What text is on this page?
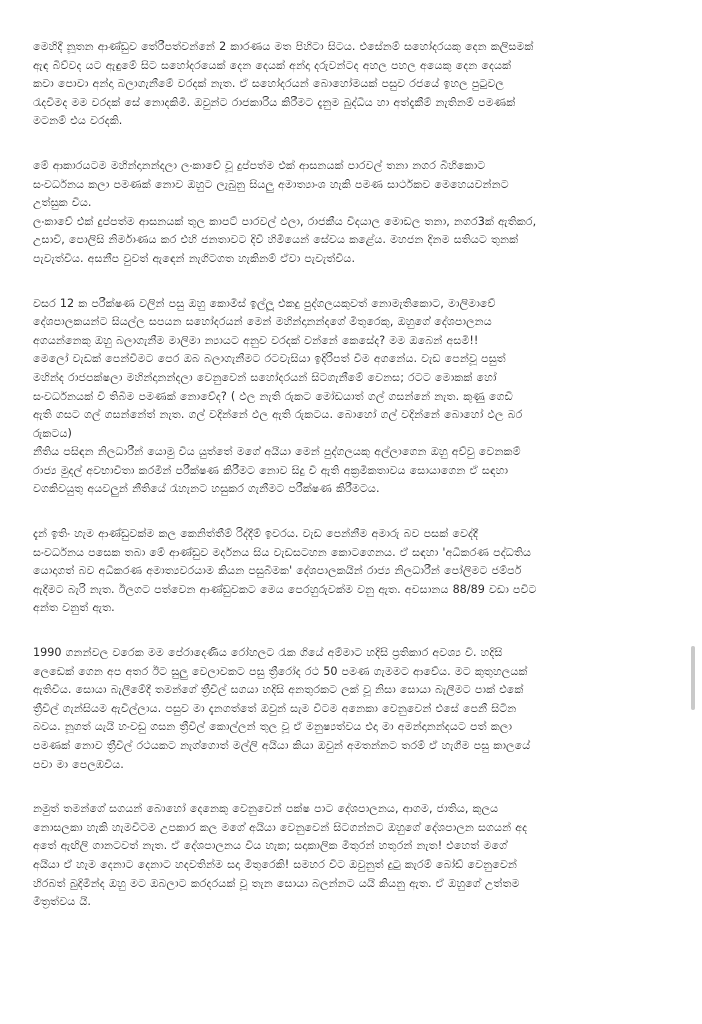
මෙහිදී නූතන ආණ්ඩුව තේරීපත්වන්නේ 2 කාරණය මත පිහිටා සිටය. එසේනම් සහෝදරයකු දෙන කලිසමක්
ඇඳ බිව්වද යට ඇඳුමේ සිට සහෝදරයෙක් දෙන දෙයක් අන්දා දරුවන්ටද අහල පහල අයෙකු දෙන දෙයක්
කවා පොවා අන්දා බලාගැනීමේ වරදක් නැත. ඒ සහෝදරයන් බොහෝමයක් පසුව රජයේ ඉහල පුටුවල
රැදවීමද මම වරදක් සේ නොදකිමි. ඔවුන්ට රාජකාරිය කිරීමට දැනුම බුද්ධිය හා අත්දැකීම් නැතිනම් පමණක්
මටනම් එය වරදකි.

මේ ආකාරයටම මහින්දානන්දලා ලංකාවේ වූ දුප්පත්ම එක් ආසනයක් පාරවල් තනා නගර බිහිකොට
සංවර්ධනය කලා පමණක් නොව ඔහුට ලැබුනු සියලු අමාත්‍යාංශ හැකි පමණ සාර්ථකව මෙහෙයවන්නට
උත්සුක විය.
ලංකාවේ එක් දුප්පත්ම ආසනයක් තුල කාපට් පාරවල් ඵලා, රාජකීය විදයාල මොඩල තනා, නගර3ක් ඇතිකර,
උසාවි, පොලිසි නිර්මාණය කර එහි ජනතාවට දිවි හිමියෙන් සේවය කළේය. මහජන දිනම සතියට තුනක්
පැවැත්විය. අසනීප වුවත් ඇඳෙන් නැගිටගත හැකිනම් ඒවා පැවැත්විය.

වසර 12 ක පරීක්ෂණ වලින් පසු ඔහු කොමිස් ඉල්ලූ එකදු පුද්ගලයකුවත් නොමැතිකොට, මාලිමාවේ
දේශපාලකයන්ට සියල්ල සපයන සහෝදරයන් මෙන් මහින්දානන්දගේ මිතුරෙකු, ඔහුගේ දේශපාලනය
අගයන්නෙකු ඔහු බලාගැනීම මාලිමා න්‍යායට අනුව වරදක් වන්නේ කෙසේද? මම ඔබෙන් අසමි!!
මෙලෝ වැඩක් පෙන්වීමට පෙර ඔබ බලාගැනීමට රටවැසියා ඉදිරිපත් වීම අගනේය. වැඩ පෙන්වූ පසුත්
මහින්ද රාජපක්ෂලා මහින්දානන්දලා වෙනුවෙන් සහෝදරයන් සිටගැනීමේ වෙනස; රටට මොකක් හෝ
සංවර්ධනයක් වී තිබීම පමණක් නොවේද? ( ඵල නැති රුකට මෝඩයාත් ගල් ගසන්නේ නැත. කුණු ගෙඩි
ඇති ගසට ගල් ගසන්නේත් නැත. ගල් වදින්නේ ඵල ඇති රුකටය. බොහෝ ගල් වදින්නේ බොහෝ ඵල බර
රුකටය)
නීතිය පසිඳන නිලධාරීන් යොමු විය යුත්තේ මගේ අයියා මෙන් පුද්ගලයකු අල්ලාගෙන ඔහු අව්වු වෙනකම්
රාජ්‍ය මුදල් අවභාවිතා කරමින් පරීක්ෂණ කිරීමට නොව සිදු වී ඇති අක්‍රමිකතාවය සොයාගෙන ඒ සඳහා
වගකිවයුතු අයවලුන් නීතියේ රැහැනට හසුකර ගැනීමට පරීක්ෂණ කිරීමටය.

දැන් ඉතිං හැම ආණ්ඩුවක්ම කල කෙනිත්තීම් රිද්දීම් ඉවරය. වැඩ පෙන්නීම අමාරු බව පසක් වෙද්දී
සංවර්ධනය පසෙක තබා මේ ආණ්ඩුව මර්දනය සිය වැඩසටහන කොටගෙනය. ඒ සඳහා 'අධිකරණ පද්ධතිය
යොදාගත් බව අධිකරණ අමාත්‍යවරයාම කියන පසුබිමක' දේශපාලකයින් රාජ්‍ය නිලධාරීන් පෝලිමට ජම්පර්
ඇදීමට බැරි නැත. ඊලගට පත්වෙන ආණ්ඩුවකට මෙය පෙරහුරුවක්ම වනු ඇත. අවසානය 88/89 වඩා පවිට
අන්ත වනුත් ඇත.

1990 ගනන්වල වරෙක මම පේරාදෙණිය රෝහලට රැක ගියේ අම්මාට හදිසි ප්‍රතිකාර අවශ්‍ය වී. හදිසි
ලෙඩෙක් ගෙන අප අතර ඊට සුලු වෙලාවකට පසු ත්‍රීරෝද රථ 50 පමණ ගැමමට ආවේය. මට කුතුහලයක්
ඇතිවිය. සොයා බැලීමේදී තමන්ගේ ත්‍රීවිල් සගයා හදිසි අනතුරකට ලක් වූ නිසා සොයා බැලීමට පාක් එකේ
ත්‍රීවිල් ගැන්සියම ඇවිල්ලාය. පසුව මා දැනගත්තේ ඔවුන් සැම විටම අනෙකා වෙනුවෙන් එසේ පෙනී සිටින
බවය. නූගත් යැයි හංවඩු ගසන ත්‍රීවිල් කොල්ලන් තුල වූ ඒ මනුෂ්‍යත්වය එදා මා අමන්දානන්දයට පත් කලා
පමණක් නොව ත්‍රීවිල් රථයකට නැග්ගොත් මල්ලි අයියා කියා ඔවුන් අමතන්නට තරම් ඒ හැගීම පසු කාලයේ
පවා මා පෙලඹවිය.

නමුත් තමන්ගේ සගයන් බොහෝ දෙනෙකු වෙනුවෙන් පක්ෂ පාට දේශපාලනය, ආගම, ජාතිය, කුලය
නොසලකා හැකි හැමවිටම උපකාර කල මගේ අයියා වෙනුවෙන් සිටගන්නට ඔහුගේ දේශපාලන සගයන් අද
අතේ ඇඟිලි ගානටවත් නැත. ඒ දේශපාලනය විය හැක; සදාකාලික මිතුරන් හතුරන් නැත! එහෙත් මගේ
අයියා ඒ හැම දෙනාට දෙනාට හදවතින්ම සදා මිතුරෙකි! සමහර විට ඔවුනුත් දුටු කැරම් බෝඩ් වෙනුවෙන්
හිරබත් බුදිමින්ද ඔහු මට ඔබලාට කරදරයක් වූ තැන සොයා බලන්නට යයි කියනු ඇත. ඒ ඔහුගේ උත්තම
මිත්‍රත්වය යි.
